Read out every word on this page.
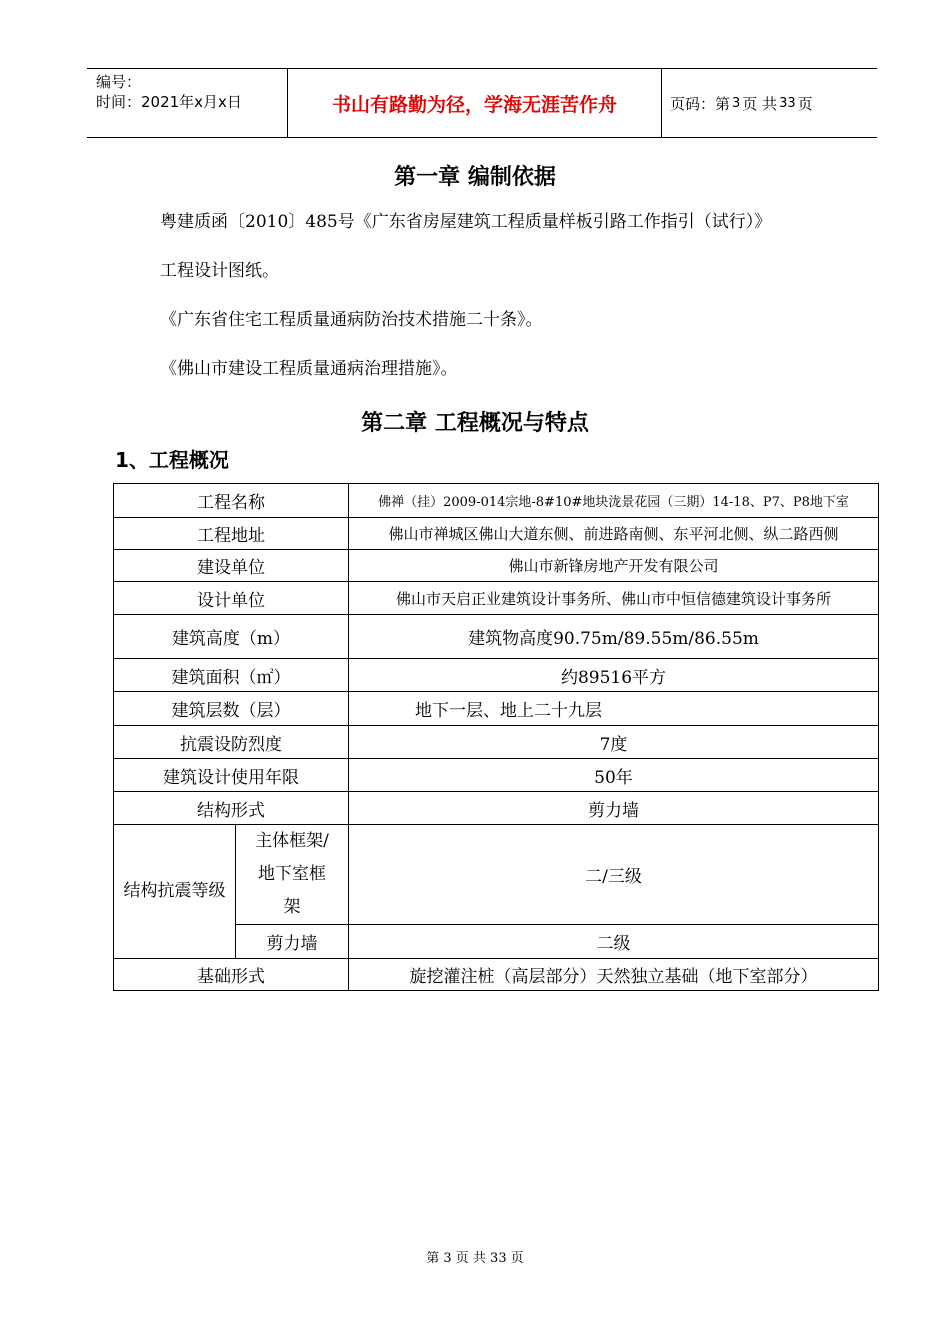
编号：
时间：2021年x月x日	书山有路勤为径，学海无涯苦作舟	页码：第 3 页 共 33 页
第一章 编制依据

粤建质函〔2010〕485号《广东省房屋建筑工程质量样板引路工作指引（试行）》

工程设计图纸。

《广东省住宅工程质量通病防治技术措施二十条》。

《佛山市建设工程质量通病治理措施》。

第二章 工程概况与特点
1、工程概况
工程名称		佛禅（挂）2009-014宗地-8#10#地块泷景花园（三期）14-18、P7、P8地下室
工程地址		佛山市禅城区佛山大道东侧、前进路南侧、东平河北侧、纵二路西侧
建设单位		佛山市新锋房地产开发有限公司
设计单位		佛山市天启正业建筑设计事务所、佛山市中恒信德建筑设计事务所
建筑高度（m）		建筑物高度90.75m/89.55m/86.55m
建筑面积（㎡）		约89516平方
建筑层数（层）		地下一层、地上二十九层
抗震设防烈度		7度
建筑设计使用年限		50年
结构形式		剪力墙
结构抗震等级	主体框架/地下室框架	二/三级
	剪力墙	二级
基础形式		旋挖灌注桩（高层部分）天然独立基础（地下室部分）
第 3 页 共 33 页
